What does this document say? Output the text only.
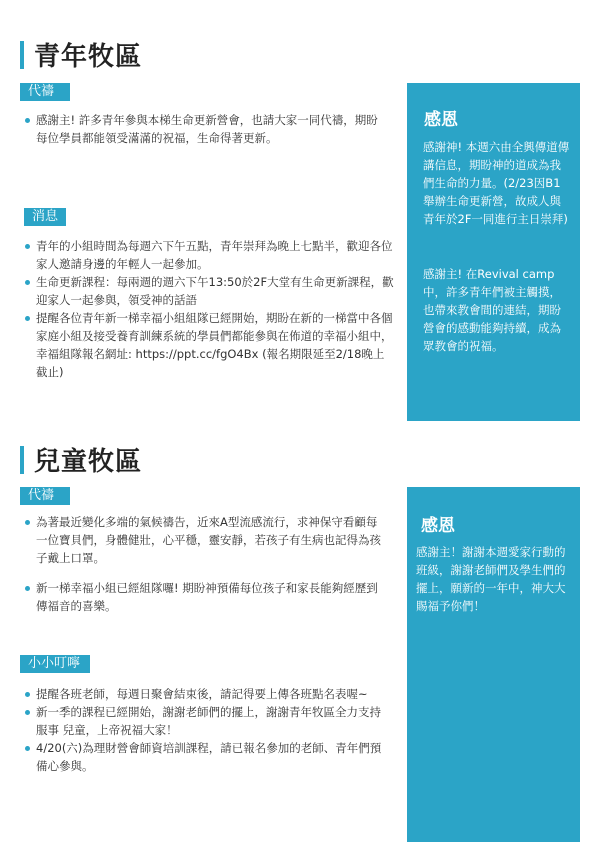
青年牧區
代禱
感謝主! 許多青年參與本梯生命更新營會，也請大家一同代禱，期盼每位學員都能領受滿滿的祝福，生命得著更新。
消息
青年的小組時間為每週六下午五點，青年崇拜為晚上七點半，歡迎各位家人邀請身邊的年輕人一起參加。
生命更新課程：每兩週的週六下午13:50於2F大堂有生命更新課程，歡迎家人一起參與，領受神的話語
提醒各位青年新一梯幸福小組組隊已經開始，期盼在新的一梯當中各個家庭小組及接受養育訓練系統的學員們都能參與在佈道的幸福小組中，幸福組隊報名網址: https://ppt.cc/fgO4Bx (報名期限延至2/18晚上截止)
感恩
感謝神! 本週六由全興傳道傳講信息，期盼神的道成為我們生命的力量。(2/23因B1舉辦生命更新營，故成人與青年於2F一同進行主日崇拜)
感謝主! 在Revival camp中，許多青年們被主觸摸，也帶來教會間的連結，期盼營會的感動能夠持續，成為眾教會的祝福。
兒童牧區
代禱
為著最近變化多端的氣候禱告，近來A型流感流行，求神保守看顧每一位寶貝們，身體健壯，心平穩，靈安靜，若孩子有生病也記得為孩子戴上口罩。
新一梯幸福小組已經組隊囉! 期盼神預備每位孩子和家長能夠經歷到傳福音的喜樂。
小小叮嚀
提醒各班老師，每週日聚會結束後，請記得要上傳各班點名表喔~
新一季的課程已經開始，謝謝老師們的擺上，謝謝青年牧區全力支持服事 兒童，上帝祝福大家！
4/20(六)為理財營會師資培訓課程，請已報名參加的老師、青年們預備心參與。
感恩
感謝主！謝謝本週愛家行動的班級，謝謝老師們及學生們的擺上，願新的一年中，神大大賜福予你們！
